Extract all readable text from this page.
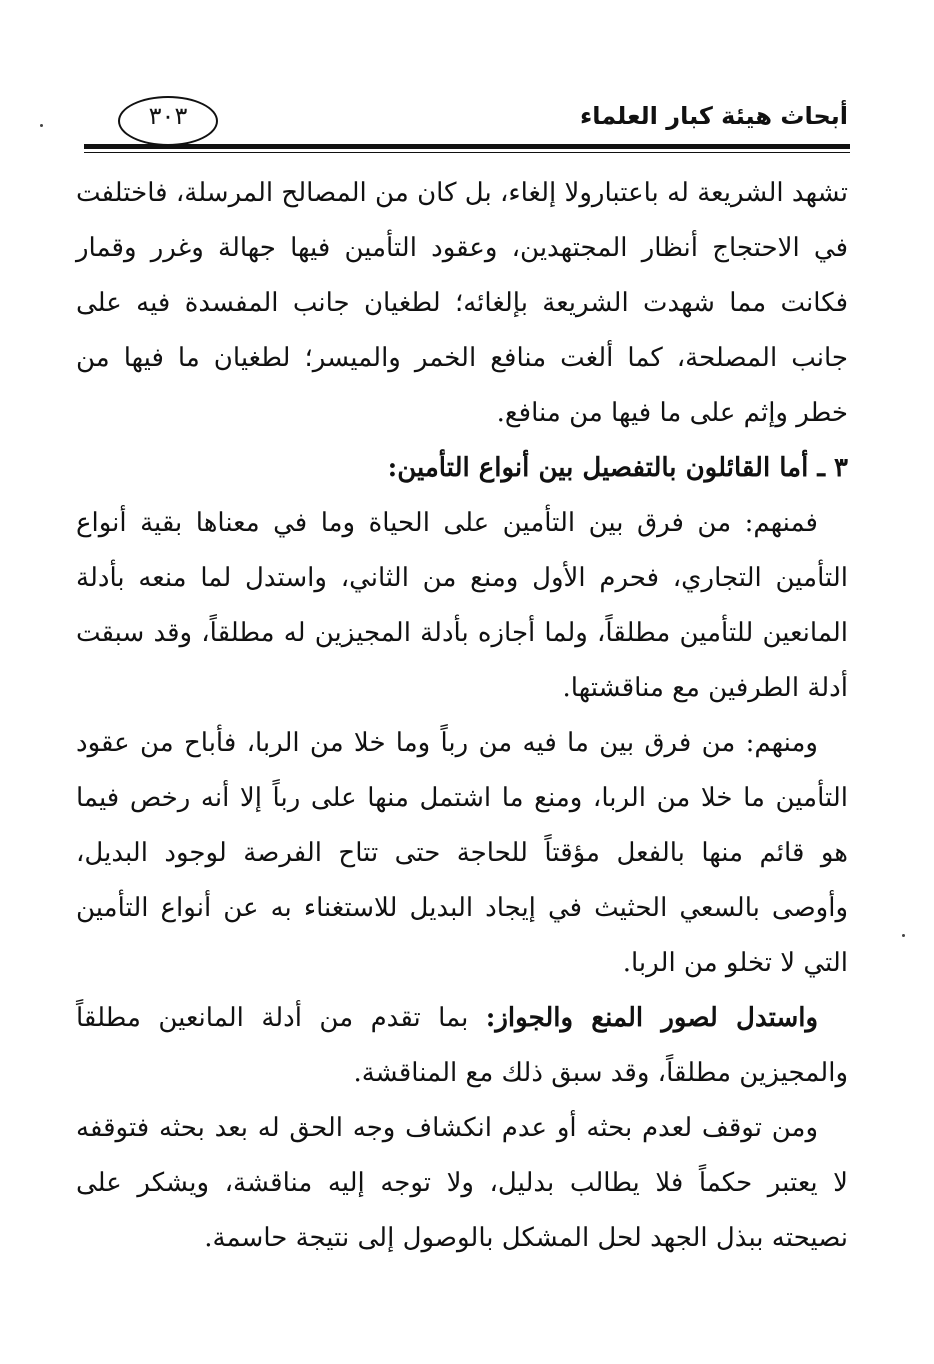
أبحاث هيئة كبار العلماء
٣٠٣

تشهد الشريعة له باعتباروﻻ إلغاء، بل كان من المصالح المرسلة، فاختلفت في الاحتجاج أنظار المجتهدين، وعقود التأمين فيها جهالة وغرر وقمار فكانت مما شهدت الشريعة بإلغائه؛ لطغيان جانب المفسدة فيه على جانب المصلحة، كما ألغت منافع الخمر والميسر؛ لطغيان ما فيها من خطر وإثم على ما فيها من منافع.

٣ ـ أما القائلون بالتفصيل بين أنواع التأمين:

فمنهم: من فرق بين التأمين على الحياة وما في معناها بقية أنواع التأمين التجاري، فحرم الأول ومنع من الثاني، واستدل لما منعه بأدلة المانعين للتأمين مطلقاً، ولما أجازه بأدلة المجيزين له مطلقاً، وقد سبقت أدلة الطرفين مع مناقشتها.

ومنهم: من فرق بين ما فيه من رباً وما خلا من الربا، فأباح من عقود التأمين ما خلا من الربا، ومنع ما اشتمل منها على رباً إلا أنه رخص فيما هو قائم منها بالفعل مؤقتاً للحاجة حتى تتاح الفرصة لوجود البديل، وأوصى بالسعي الحثيث في إيجاد البديل للاستغناء به عن أنواع التأمين التي لا تخلو من الربا.

واستدل لصور المنع والجواز: بما تقدم من أدلة المانعين مطلقاً والمجيزين مطلقاً، وقد سبق ذلك مع المناقشة.

ومن توقف لعدم بحثه أو عدم انكشاف وجه الحق له بعد بحثه فتوقفه لا يعتبر حكماً فلا يطالب بدليل، ولا توجه إليه مناقشة، ويشكر على نصيحته ببذل الجهد لحل المشكل بالوصول إلى نتيجة حاسمة.
